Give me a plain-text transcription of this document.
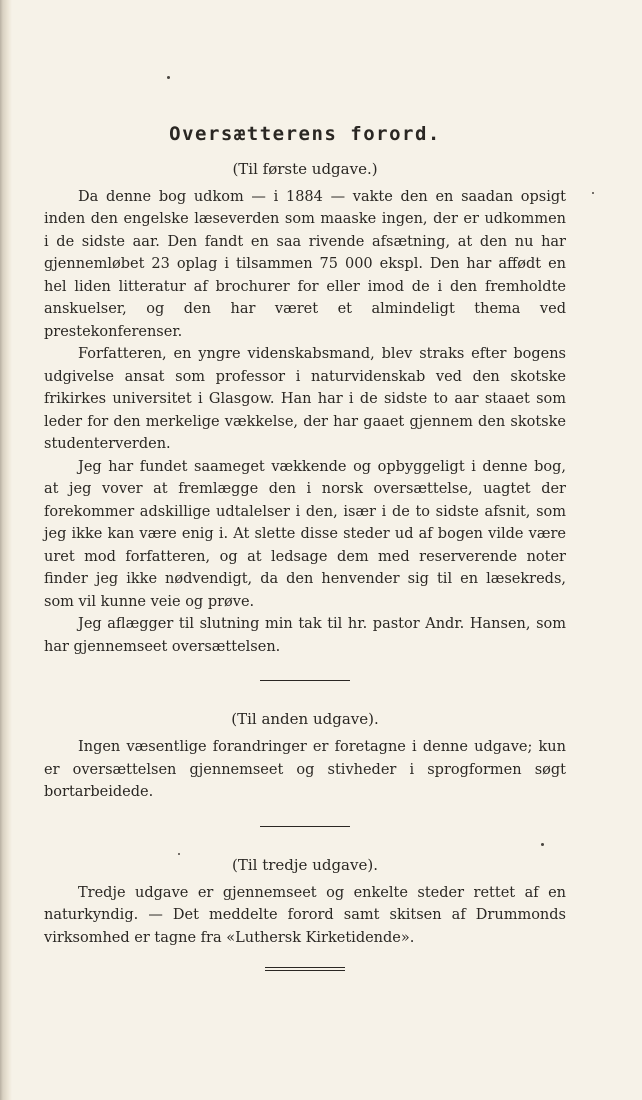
Oversætterens forord.
(Til første udgave.)

Da denne bog udkom — i 1884 — vakte den en saadan opsigt inden den engelske læseverden som maaske ingen, der er udkommen i de sidste aar. Den fandt en saa rivende afsætning, at den nu har gjennemløbet 23 oplag i tilsammen 75 000 ekspl. Den har affødt en hel liden litteratur af brochurer for eller imod de i den fremholdte anskuelser, og den har været et almindeligt thema ved prestekonferenser.

Forfatteren, en yngre videnskabsmand, blev straks efter bogens udgivelse ansat som professor i naturvidenskab ved den skotske frikirkes universitet i Glasgow. Han har i de sidste to aar staaet som leder for den merkelige vækkelse, der har gaaet gjennem den skotske studenterverden.

Jeg har fundet saameget vækkende og opbyggeligt i denne bog, at jeg vover at fremlægge den i norsk oversættelse, uagtet der forekommer adskillige udtalelser i den, især i de to sidste afsnit, som jeg ikke kan være enig i. At slette disse steder ud af bogen vilde være uret mod forfatteren, og at ledsage dem med reserverende noter finder jeg ikke nødvendigt, da den henvender sig til en læsekreds, som vil kunne veie og prøve.

Jeg aflægger til slutning min tak til hr. pastor Andr. Hansen, som har gjennemseet oversættelsen.

(Til anden udgave).

Ingen væsentlige forandringer er foretagne i denne udgave; kun er oversættelsen gjennemseet og stivheder i sprogformen søgt bortarbeidede.

(Til tredje udgave).

Tredje udgave er gjennemseet og enkelte steder rettet af en naturkyndig. — Det meddelte forord samt skitsen af Drummonds virksomhed er tagne fra «Luthersk Kirketidende».
